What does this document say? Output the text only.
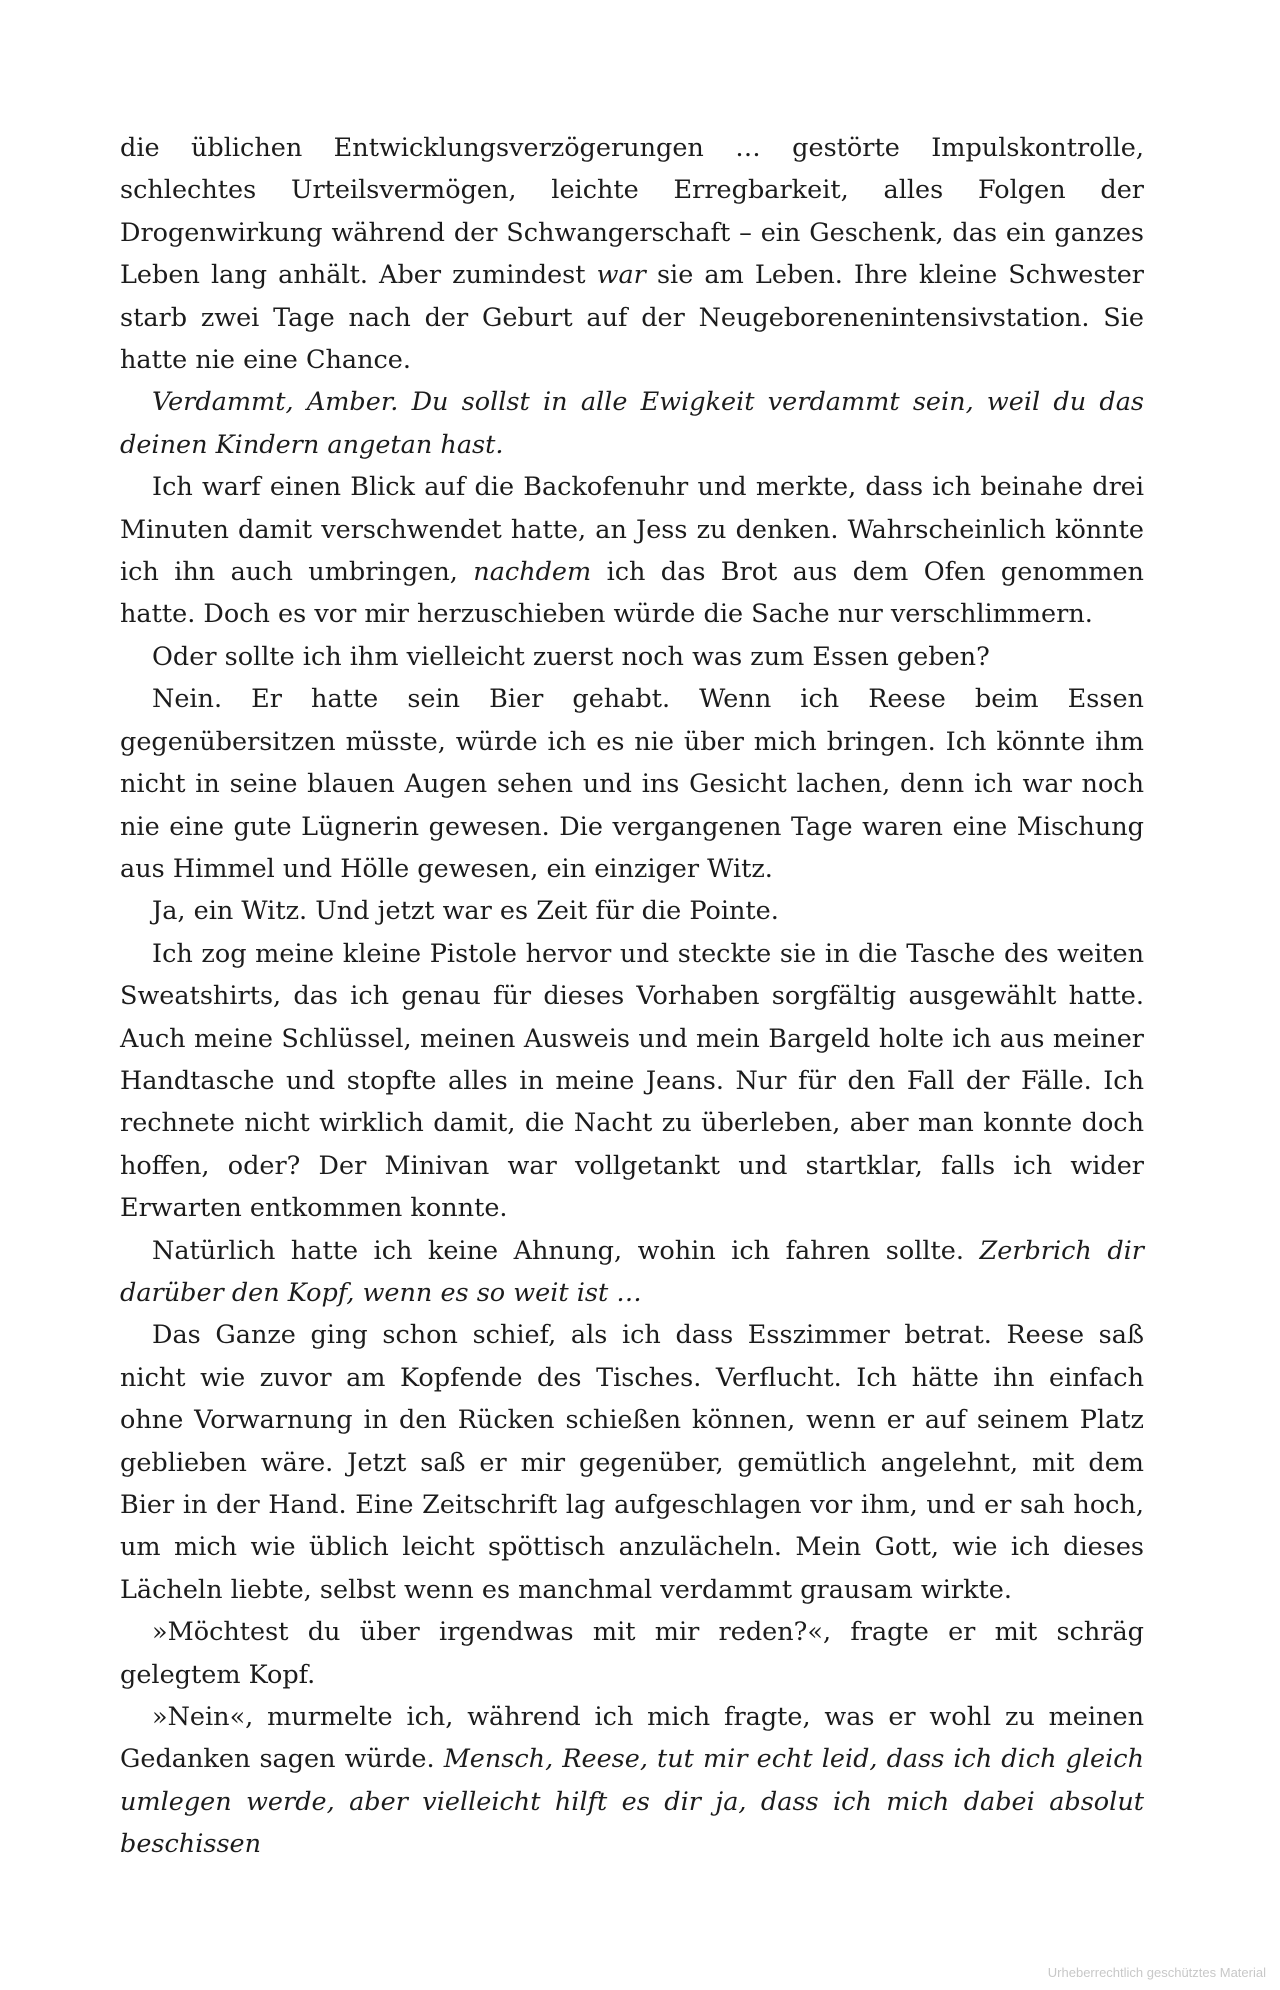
die üblichen Entwicklungsverzögerungen … gestörte Impulskontrolle, schlechtes Urteilsvermögen, leichte Erregbarkeit, alles Folgen der Drogenwirkung während der Schwangerschaft – ein Geschenk, das ein ganzes Leben lang anhält. Aber zumindest war sie am Leben. Ihre kleine Schwester starb zwei Tage nach der Geburt auf der Neugeborenenintensivstation. Sie hatte nie eine Chance.

Verdammt, Amber. Du sollst in alle Ewigkeit verdammt sein, weil du das deinen Kindern angetan hast.

Ich warf einen Blick auf die Backofenuhr und merkte, dass ich beinahe drei Minuten damit verschwendet hatte, an Jess zu denken. Wahrscheinlich könnte ich ihn auch umbringen, nachdem ich das Brot aus dem Ofen genommen hatte. Doch es vor mir herzuschieben würde die Sache nur verschlimmern.

Oder sollte ich ihm vielleicht zuerst noch was zum Essen geben?

Nein. Er hatte sein Bier gehabt. Wenn ich Reese beim Essen gegenübersitzen müsste, würde ich es nie über mich bringen. Ich könnte ihm nicht in seine blauen Augen sehen und ins Gesicht lachen, denn ich war noch nie eine gute Lügnerin gewesen. Die vergangenen Tage waren eine Mischung aus Himmel und Hölle gewesen, ein einziger Witz.

Ja, ein Witz. Und jetzt war es Zeit für die Pointe.

Ich zog meine kleine Pistole hervor und steckte sie in die Tasche des weiten Sweatshirts, das ich genau für dieses Vorhaben sorgfältig ausgewählt hatte. Auch meine Schlüssel, meinen Ausweis und mein Bargeld holte ich aus meiner Handtasche und stopfte alles in meine Jeans. Nur für den Fall der Fälle. Ich rechnete nicht wirklich damit, die Nacht zu überleben, aber man konnte doch hoffen, oder? Der Minivan war vollgetankt und startklar, falls ich wider Erwarten entkommen konnte.

Natürlich hatte ich keine Ahnung, wohin ich fahren sollte. Zerbrich dir darüber den Kopf, wenn es so weit ist …

Das Ganze ging schon schief, als ich dass Esszimmer betrat. Reese saß nicht wie zuvor am Kopfende des Tisches. Verflucht. Ich hätte ihn einfach ohne Vorwarnung in den Rücken schießen können, wenn er auf seinem Platz geblieben wäre. Jetzt saß er mir gegenüber, gemütlich angelehnt, mit dem Bier in der Hand. Eine Zeitschrift lag aufgeschlagen vor ihm, und er sah hoch, um mich wie üblich leicht spöttisch anzulächeln. Mein Gott, wie ich dieses Lächeln liebte, selbst wenn es manchmal verdammt grausam wirkte.

»Möchtest du über irgendwas mit mir reden?«, fragte er mit schräg gelegtem Kopf.

»Nein«, murmelte ich, während ich mich fragte, was er wohl zu meinen Gedanken sagen würde. Mensch, Reese, tut mir echt leid, dass ich dich gleich umlegen werde, aber vielleicht hilft es dir ja, dass ich mich dabei absolut beschissen

Urheberrechtlich geschütztes Material
